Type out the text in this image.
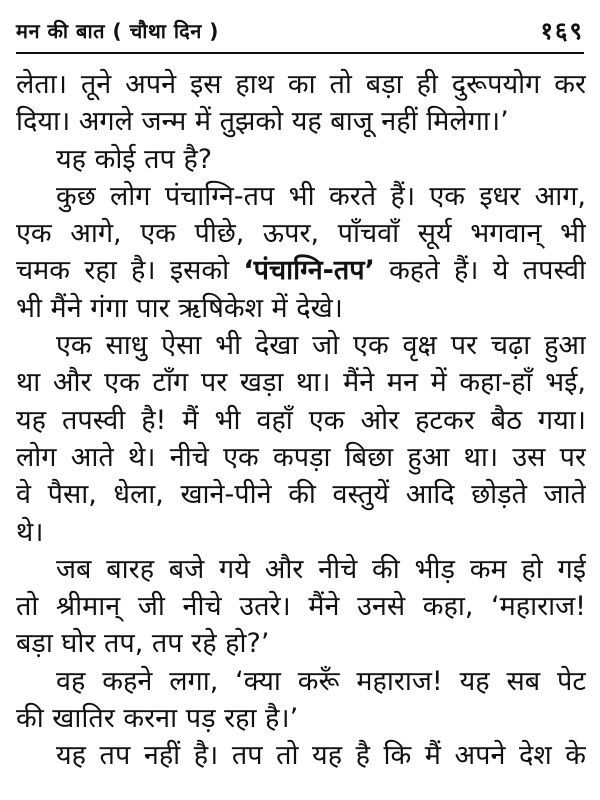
मन की बात ( चौथा दिन )	१६९
लेता। तूने अपने इस हाथ का तो बड़ा ही दुरूपयोग कर
दिया। अगले जन्म में तुझको यह बाजू नहीं मिलेगा।’
यह कोई तप है?
कुछ लोग पंचाग्नि-तप भी करते हैं। एक इधर आग,
एक आगे, एक पीछे, ऊपर, पाँचवाँ सूर्य भगवान् भी
चमक रहा है। इसको ‘पंचाग्नि-तप’ कहते हैं। ये तपस्वी
भी मैंने गंगा पार ऋषिकेश में देखे।
एक साधु ऐसा भी देखा जो एक वृक्ष पर चढ़ा हुआ
था और एक टाँग पर खड़ा था। मैंने मन में कहा-हाँ भई,
यह तपस्वी है! मैं भी वहाँ एक ओर हटकर बैठ गया।
लोग आते थे। नीचे एक कपड़ा बिछा हुआ था। उस पर
वे पैसा, धेला, खाने-पीने की वस्तुयें आदि छोड़ते जाते
थे।
जब बारह बजे गये और नीचे की भीड़ कम हो गई
तो श्रीमान् जी नीचे उतरे। मैंने उनसे कहा, ‘महाराज!
बड़ा घोर तप, तप रहे हो?’
वह कहने लगा, ‘क्या करूँ महाराज! यह सब पेट
की खातिर करना पड़ रहा है।’
यह तप नहीं है। तप तो यह है कि मैं अपने देश के
